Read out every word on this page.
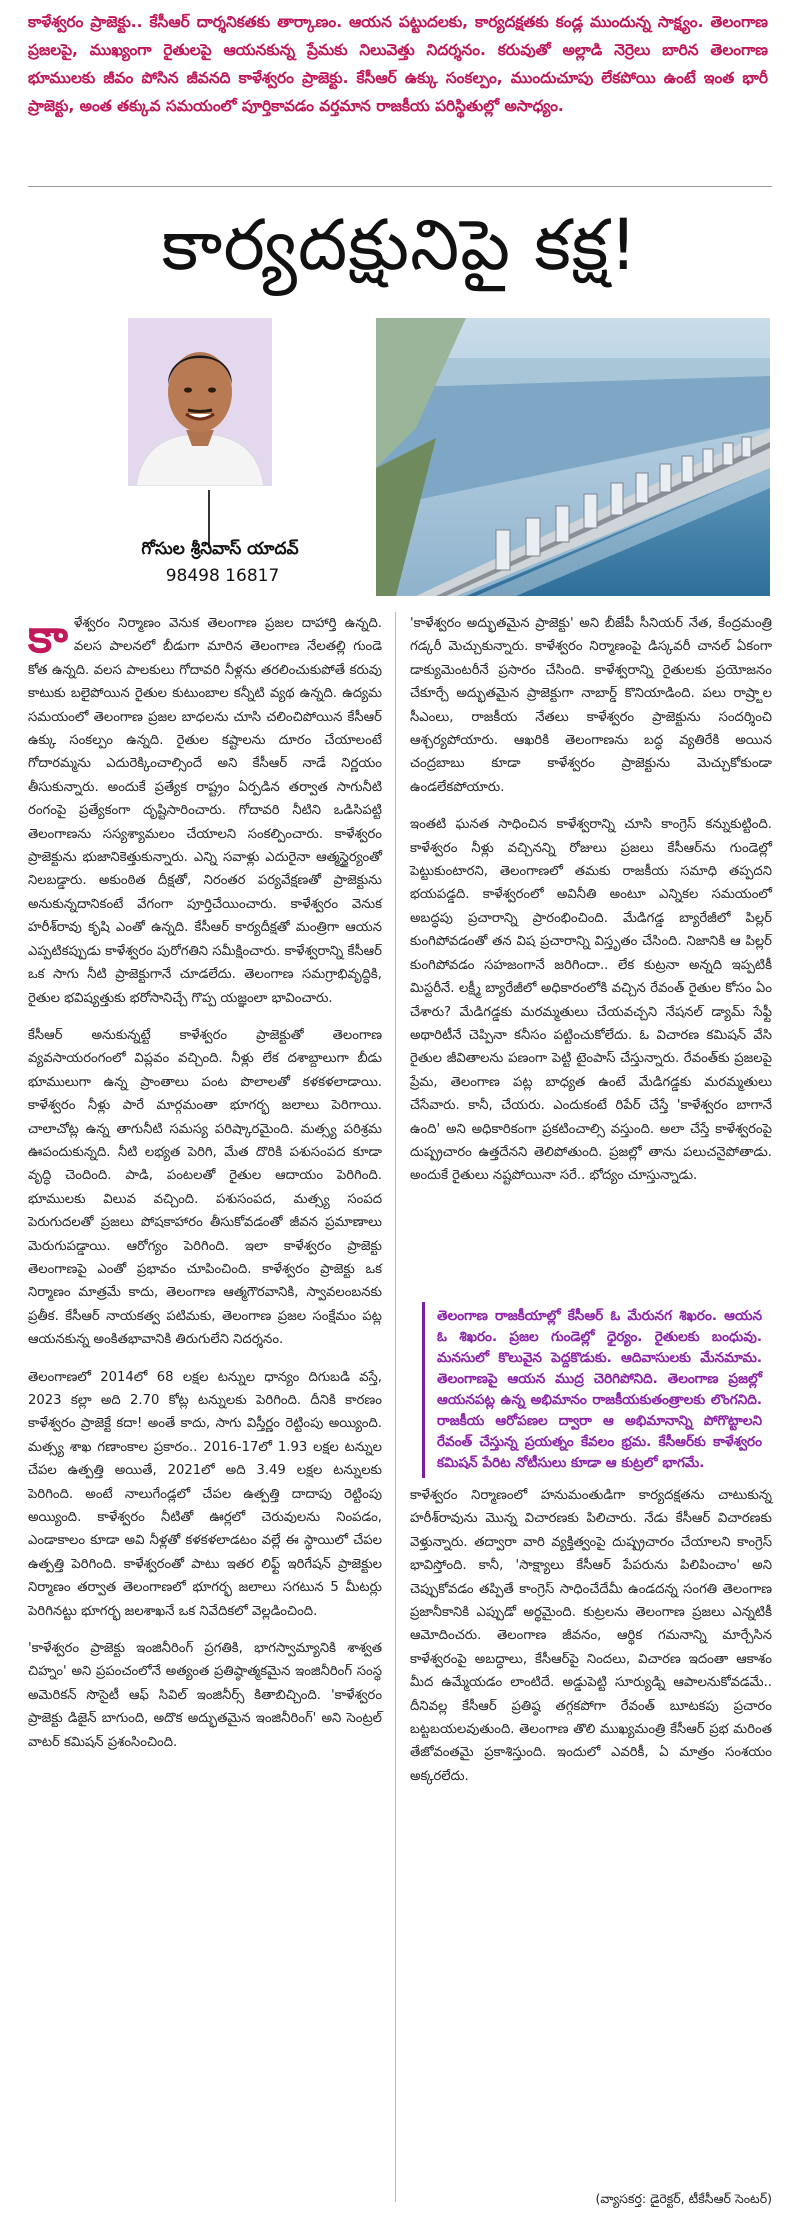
కాళేశ్వరం ప్రాజెక్టు.. కేసీఆర్ దార్శనికతకు తార్కాణం. ఆయన పట్టుదలకు, కార్యదక్షతకు కండ్ల ముందున్న సాక్ష్యం. తెలంగాణ ప్రజలపై, ముఖ్యంగా రైతులపై ఆయనకున్న ప్రేమకు నిలువెత్తు నిదర్శనం. కరువుతో అల్లాడి నెర్రెలు బారిన తెలంగాణ భూములకు జీవం పోసిన జీవనది కాళేశ్వరం ప్రాజెక్టు. కేసీఆర్ ఉక్కు సంకల్పం, ముందుచూపు లేకపోయి ఉంటే ఇంత భారీ ప్రాజెక్టు, అంత తక్కువ సమయంలో పూర్తికావడం వర్తమాన రాజకీయ పరిస్థితుల్లో అసాధ్యం.

కార్యదక్షునిపై కక్ష!

గోసుల శ్రీనివాస్ యాదవ్

98498 16817

కాళేశ్వరం నిర్మాణం వెనుక తెలంగాణ ప్రజల దాహార్తి ఉన్నది. వలస పాలనలో బీడుగా మారిన తెలంగాణ నేలతల్లి గుండె కోత ఉన్నది. వలస పాలకులు గోదావరి నీళ్లను తరలించుకుపోతే కరువు కాటుకు బలైపోయిన రైతుల కుటుంబాల కన్నీటి వ్యథ ఉన్నది. ఉద్యమ సమయంలో తెలంగాణ ప్రజల బాధలను చూసి చలించిపోయిన కేసీఆర్ ఉక్కు సంకల్పం ఉన్నది. రైతుల కష్టాలను దూరం చేయాలంటే గోదారమ్మను ఎదురెక్కించాల్సిందే అని కేసీఆర్ నాడే నిర్ణయం తీసుకున్నారు. అందుకే ప్రత్యేక రాష్ట్రం ఏర్పడిన తర్వాత సాగునీటి రంగంపై ప్రత్యేకంగా దృష్టిసారించారు. గోదావరి నీటిని ఒడిసిపట్టి తెలంగాణను సస్యశ్యామలం చేయాలని సంకల్పించారు. కాళేశ్వరం ప్రాజెక్టును భుజానికెత్తుకున్నారు. ఎన్ని సవాళ్లు ఎదురైనా ఆత్మస్థైర్యంతో నిలబడ్డారు. అకుంఠిత దీక్షతో, నిరంతర పర్యవేక్షణతో ప్రాజెక్టును అనుకున్నదానికంటే వేగంగా పూర్తిచేయించారు. కాళేశ్వరం వెనుక హరీశ్‌రావు కృషి ఎంతో ఉన్నది. కేసీఆర్ కార్యదీక్షతో మంత్రిగా ఆయన ఎప్పటికప్పుడు కాళేశ్వరం పురోగతిని సమీక్షించారు. కాళేశ్వరాన్ని కేసీఆర్ ఒక సాగు నీటి ప్రాజెక్టుగానే చూడలేదు. తెలంగాణ సమగ్రాభివృద్ధికి, రైతుల భవిష్యత్తుకు భరోసానిచ్చే గొప్ప యజ్ఞంలా భావించారు.

కేసీఆర్ అనుకున్నట్టే కాళేశ్వరం ప్రాజెక్టుతో తెలంగాణ వ్యవసాయరంగంలో విప్లవం వచ్చింది. నీళ్లు లేక దశాబ్దాలుగా బీడు భూములుగా ఉన్న ప్రాంతాలు పంట పొలాలతో కళకళలాడాయి. కాళేశ్వరం నీళ్లు పారే మార్గమంతా భూగర్భ జలాలు పెరిగాయి. చాలాచోట్ల ఉన్న తాగునీటి సమస్య పరిష్కారమైంది. మత్స్య పరిశ్రమ ఊపందుకున్నది. నీటి లభ్యత పెరిగి, మేత దొరికి పశుసంపద కూడా వృద్ధి చెందింది. పాడి, పంటలతో రైతుల ఆదాయం పెరిగింది. భూములకు విలువ వచ్చింది. పశుసంపద, మత్స్య సంపద పెరుగుదలతో ప్రజలు పోషకాహారం తీసుకోవడంతో జీవన ప్రమాణాలు మెరుగుపడ్డాయి. ఆరోగ్యం పెరిగింది. ఇలా కాళేశ్వరం ప్రాజెక్టు తెలంగాణపై ఎంతో ప్రభావం చూపించింది. కాళేశ్వరం ప్రాజెక్టు ఒక నిర్మాణం మాత్రమే కాదు, తెలంగాణ ఆత్మగౌరవానికి, స్వావలంబనకు ప్రతీక. కేసీఆర్ నాయకత్వ పటిమకు, తెలంగాణ ప్రజల సంక్షేమం పట్ల ఆయనకున్న అంకితభావానికి తిరుగులేని నిదర్శనం.

తెలంగాణలో 2014లో 68 లక్షల టన్నుల ధాన్యం దిగుబడి వస్తే, 2023 కల్లా అది 2.70 కోట్ల టన్నులకు పెరిగింది. దీనికి కారణం కాళేశ్వరం ప్రాజెక్టే కదా! అంతే కాదు, సాగు విస్తీర్ణం రెట్టింపు అయ్యింది. మత్స్య శాఖ గణాంకాల ప్రకారం.. 2016-17లో 1.93 లక్షల టన్నుల చేపల ఉత్పత్తి అయితే, 2021లో అది 3.49 లక్షల టన్నులకు పెరిగింది. అంటే నాలుగేండ్లలో చేపల ఉత్పత్తి దాదాపు రెట్టింపు అయ్యింది. కాళేశ్వరం నీటితో ఊర్లలో చెరువులను నింపడం, ఎండాకాలం కూడా అవి నీళ్లతో కళకళలాడటం వల్లే ఈ స్థాయిలో చేపల ఉత్పత్తి పెరిగింది. కాళేశ్వరంతో పాటు ఇతర లిఫ్ట్ ఇరిగేషన్ ప్రాజెక్టుల నిర్మాణం తర్వాత తెలంగాణలో భూగర్భ జలాలు సగటున 5 మీటర్లు పెరిగినట్టు భూగర్భ జలశాఖనే ఒక నివేదికలో వెల్లడించింది.

'కాళేశ్వరం ప్రాజెక్టు ఇంజినీరింగ్ ప్రగతికి, భాగస్వామ్యానికి శాశ్వత చిహ్నం' అని ప్రపంచంలోనే అత్యంత ప్రతిష్ఠాత్మకమైన ఇంజినీరింగ్ సంస్థ అమెరికన్ సొసైటీ ఆఫ్ సివిల్ ఇంజినీర్స్ కితాబిచ్చింది. 'కాళేశ్వరం ప్రాజెక్టు డిజైన్ బాగుంది, అదొక అద్భుతమైన ఇంజినీరింగ్' అని సెంట్రల్ వాటర్ కమిషన్ ప్రశంసించింది.

'కాళేశ్వరం అద్భుతమైన ప్రాజెక్టు' అని బీజేపీ సీనియర్ నేత, కేంద్రమంత్రి గడ్కరీ మెచ్చుకున్నారు. కాళేశ్వరం నిర్మాణంపై డిస్కవరీ చానల్ ఏకంగా డాక్యుమెంటరీనే ప్రసారం చేసింది. కాళేశ్వరాన్ని రైతులకు ప్రయోజనం చేకూర్చే అద్భుతమైన ప్రాజెక్టుగా నాబార్డ్ కొనియాడింది. పలు రాష్ర్టాల సీఎంలు, రాజకీయ నేతలు కాళేశ్వరం ప్రాజెక్టును సందర్శించి ఆశ్చర్యపోయారు. ఆఖరికి తెలంగాణను బద్ధ వ్యతిరేకి అయిన చంద్రబాబు కూడా కాళేశ్వరం ప్రాజెక్టును మెచ్చుకోకుండా ఉండలేకపోయారు.

ఇంతటి ఘనత సాధించిన కాళేశ్వరాన్ని చూసి కాంగ్రెస్ కన్నుకుట్టింది. కాళేశ్వరం నీళ్లు వచ్చినన్ని రోజులు ప్రజలు కేసీఆర్‌ను గుండెల్లో పెట్టుకుంటారని, తెలంగాణలో తమకు రాజకీయ సమాధి తప్పదని భయపడ్డది. కాళేశ్వరంలో అవినీతి అంటూ ఎన్నికల సమయంలో అబద్ధపు ప్రచారాన్ని ప్రారంభించింది. మేడిగడ్డ బ్యారేజీలో పిల్లర్ కుంగిపోవడంతో తన విష ప్రచారాన్ని విస్తృతం చేసింది. నిజానికి ఆ పిల్లర్ కుంగిపోవడం సహజంగానే జరిగిందా.. లేక కుట్రనా అన్నది ఇప్పటికీ మిస్టరీనే. లక్ష్మీ బ్యారేజీలో అధికారంలోకి వచ్చిన రేవంత్ రైతుల కోసం ఏం చేశారు? మేడిగడ్డకు మరమ్మతులు చేయవచ్చని నేషనల్ డ్యామ్ సేఫ్టీ అథారిటీనే చెప్పినా కనీసం పట్టించుకోలేదు. ఓ విచారణ కమిషన్ వేసి రైతుల జీవితాలను పణంగా పెట్టి టైంపాస్ చేస్తున్నారు. రేవంత్‌కు ప్రజలపై ప్రేమ, తెలంగాణ పట్ల బాధ్యత ఉంటే మేడిగడ్డకు మరమ్మతులు చేసేవారు. కానీ, చేయరు. ఎందుకంటే రిపేర్ చేస్తే 'కాళేశ్వరం బాగానే ఉంది' అని అధికారికంగా ప్రకటించాల్సి వస్తుంది. అలా చేస్తే కాళేశ్వరంపై దుష్ప్రచారం ఉత్తదేనని తెలిపోతుంది. ప్రజల్లో తాను పలుచనైపోతాడు. అందుకే రైతులు నష్టపోయినా సరే.. భోద్యం చూస్తున్నాడు.

తెలంగాణ రాజకీయాల్లో కేసీఆర్ ఓ మేరునగ శిఖరం. ఆయన ఓ శిఖరం. ప్రజల గుండెల్లో ధైర్యం. రైతులకు బంధువు. మనసులో కొలువైన పెద్దకొడుకు. ఆదివాసులకు మేనమామ. తెలంగాణపై ఆయన ముద్ర చెరిగిపోనిది. తెలంగాణ ప్రజల్లో ఆయనపట్ల ఉన్న అభిమానం రాజకీయకుతంత్రాలకు లొంగనిది. రాజకీయ ఆరోపణల ద్వారా ఆ అభిమానాన్ని పోగొట్టాలని రేవంత్ చేస్తున్న ప్రయత్నం కేవలం భ్రమ. కేసీఆర్‌కు కాళేశ్వరం కమిషన్ పేరిట నోటీసులు కూడా ఆ కుట్రలో భాగమే.

కాళేశ్వరం నిర్మాణంలో హనుమంతుడిగా కార్యదక్షతను చాటుకున్న హరీశ్‌రావును మొన్న విచారణకు పిలిచారు. నేడు కేసీఆర్ విచారణకు వెళ్తున్నారు. తద్వారా వారి వ్యక్తిత్వంపై దుష్ప్రచారం చేయాలని కాంగ్రెస్ భావిస్తోంది. కానీ, 'సాక్ష్యాలు కేసీఆర్ పేపరును పిలిపించాం' అని చెప్పుకోవడం తప్పితే కాంగ్రెస్ సాధించేదేమీ ఉండదన్న సంగతి తెలంగాణ ప్రజానీకానికి ఎప్పుడో అర్థమైంది. కుట్రలను తెలంగాణ ప్రజలు ఎన్నటికీ ఆమోదించరు. తెలంగాణ జీవనం, ఆర్థిక గమనాన్ని మార్చేసిన కాళేశ్వరంపై అబద్ధాలు, కేసీఆర్‌పై నిందలు, విచారణ ఇదంతా ఆకాశం మీద ఉమ్మేయడం లాంటిదే. అడ్డుపెట్టి సూర్యుడ్ని ఆపాలనుకోవడమే.. దీనివల్ల కేసీఆర్ ప్రతిష్ఠ తగ్గకపోగా రేవంత్ బూటకపు ప్రచారం బట్టబయలవుతుంది. తెలంగాణ తొలి ముఖ్యమంత్రి కేసీఆర్ ప్రభ మరింత తేజోవంతమై ప్రకాశిస్తుంది. ఇందులో ఎవరికీ, ఏ మాత్రం సంశయం అక్కరలేదు.

(వ్యాసకర్త: డైరెక్టర్, టీకేసీఆర్ సెంటర్)
